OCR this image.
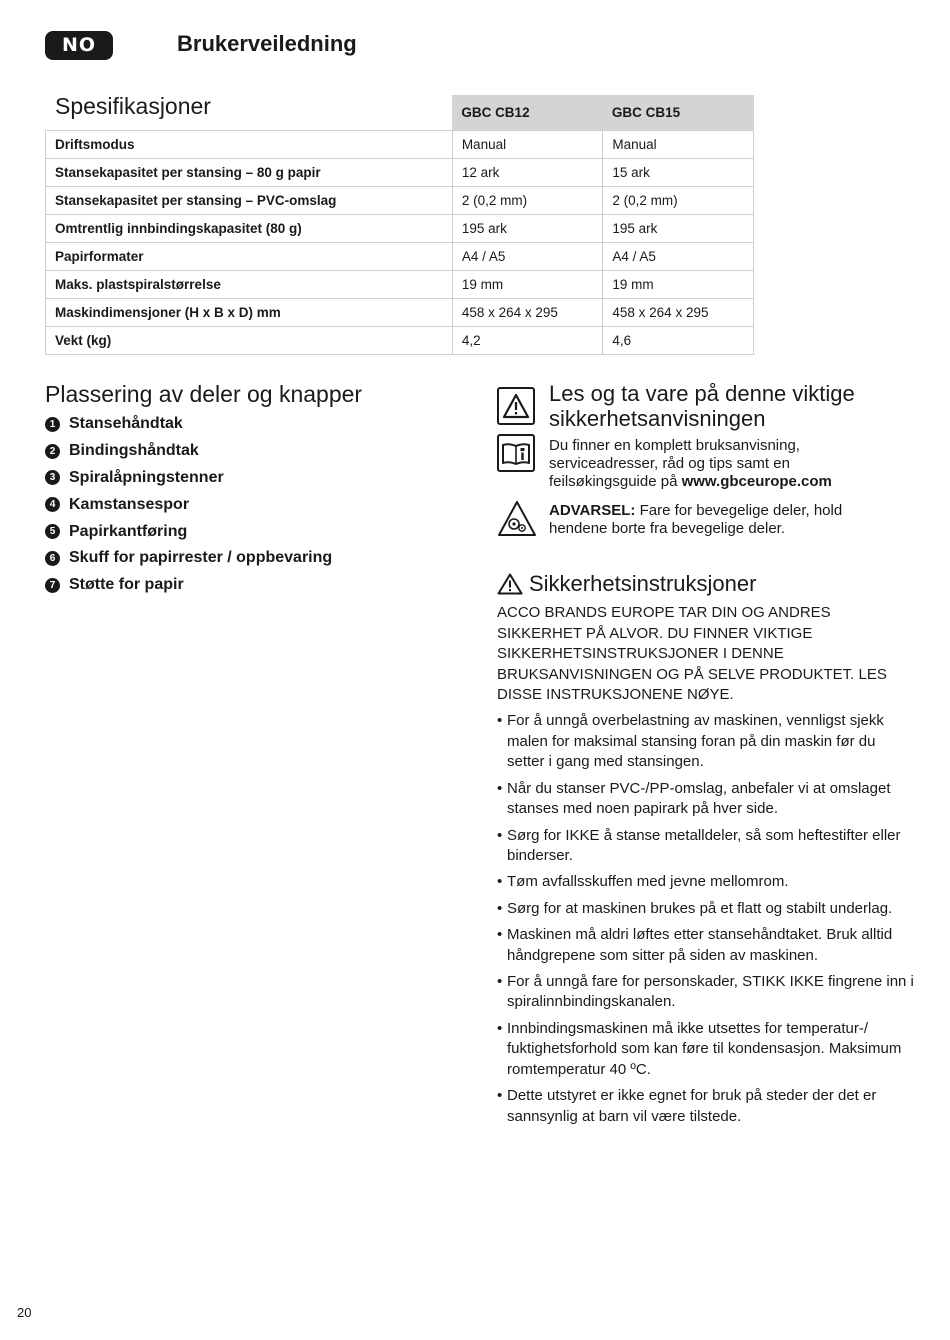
NO	Brukerveiledning
	GBC CB12	GBC CB15
Driftsmodus	Manual	Manual
Stansekapasitet per stansing – 80 g papir	12 ark	15 ark
Stansekapasitet per stansing – PVC-omslag	2 (0,2 mm)	2 (0,2 mm)
Omtrentlig innbindingskapasitet (80 g)	195 ark	195 ark
Papirformater	A4 / A5	A4 / A5
Maks. plastspiralstørrelse	19 mm	19 mm
Maskindimensjoner (H x B x D) mm	458 x 264 x 295	458 x 264 x 295
Vekt (kg)	4,2	4,6
Spesifikasjoner
Plassering av deler og knapper
1 Stansehåndtak
2 Bindingshåndtak
3 Spiralåpningstenner
4 Kamstansespor
5 Papirkantføring
6 Skuff for papirrester / oppbevaring
7 Støtte for papir
Les og ta vare på denne viktige sikkerhetsanvisningen

Du finner en komplett bruksanvisning, serviceadresser, råd og tips samt en feilsøkingsguide på www.gbceurope.com

ADVARSEL: Fare for bevegelige deler, hold hendene borte fra bevegelige deler.

Sikkerhetsinstruksjoner

ACCO BRANDS EUROPE TAR DIN OG ANDRES SIKKERHET PÅ ALVOR. DU FINNER VIKTIGE SIKKERHETSINSTRUKSJONER I DENNE BRUKSANVISNINGEN OG PÅ SELVE PRODUKTET. LES DISSE INSTRUKSJONENE NØYE.

• For å unngå overbelastning av maskinen, vennligst sjekk malen for maksimal stansing foran på din maskin før du setter i gang med stansingen.
• Når du stanser PVC-/PP-omslag, anbefaler vi at omslaget stanses med noen papirark på hver side.
• Sørg for IKKE å stanse metalldeler, så som heftestifter eller binderser.
• Tøm avfallsskuffen med jevne mellomrom.
• Sørg for at maskinen brukes på et flatt og stabilt underlag.
• Maskinen må aldri løftes etter stansehåndtaket. Bruk alltid håndgrepene som sitter på siden av maskinen.
• For å unngå fare for personskader, STIKK IKKE fingrene inn i spiralinnbindingskanalen.
• Innbindingsmaskinen må ikke utsettes for temperatur-/ fuktighetsforhold som kan føre til kondensasjon. Maksimum romtemperatur 40 ºC.
• Dette utstyret er ikke egnet for bruk på steder der det er sannsynlig at barn vil være tilstede.
20
